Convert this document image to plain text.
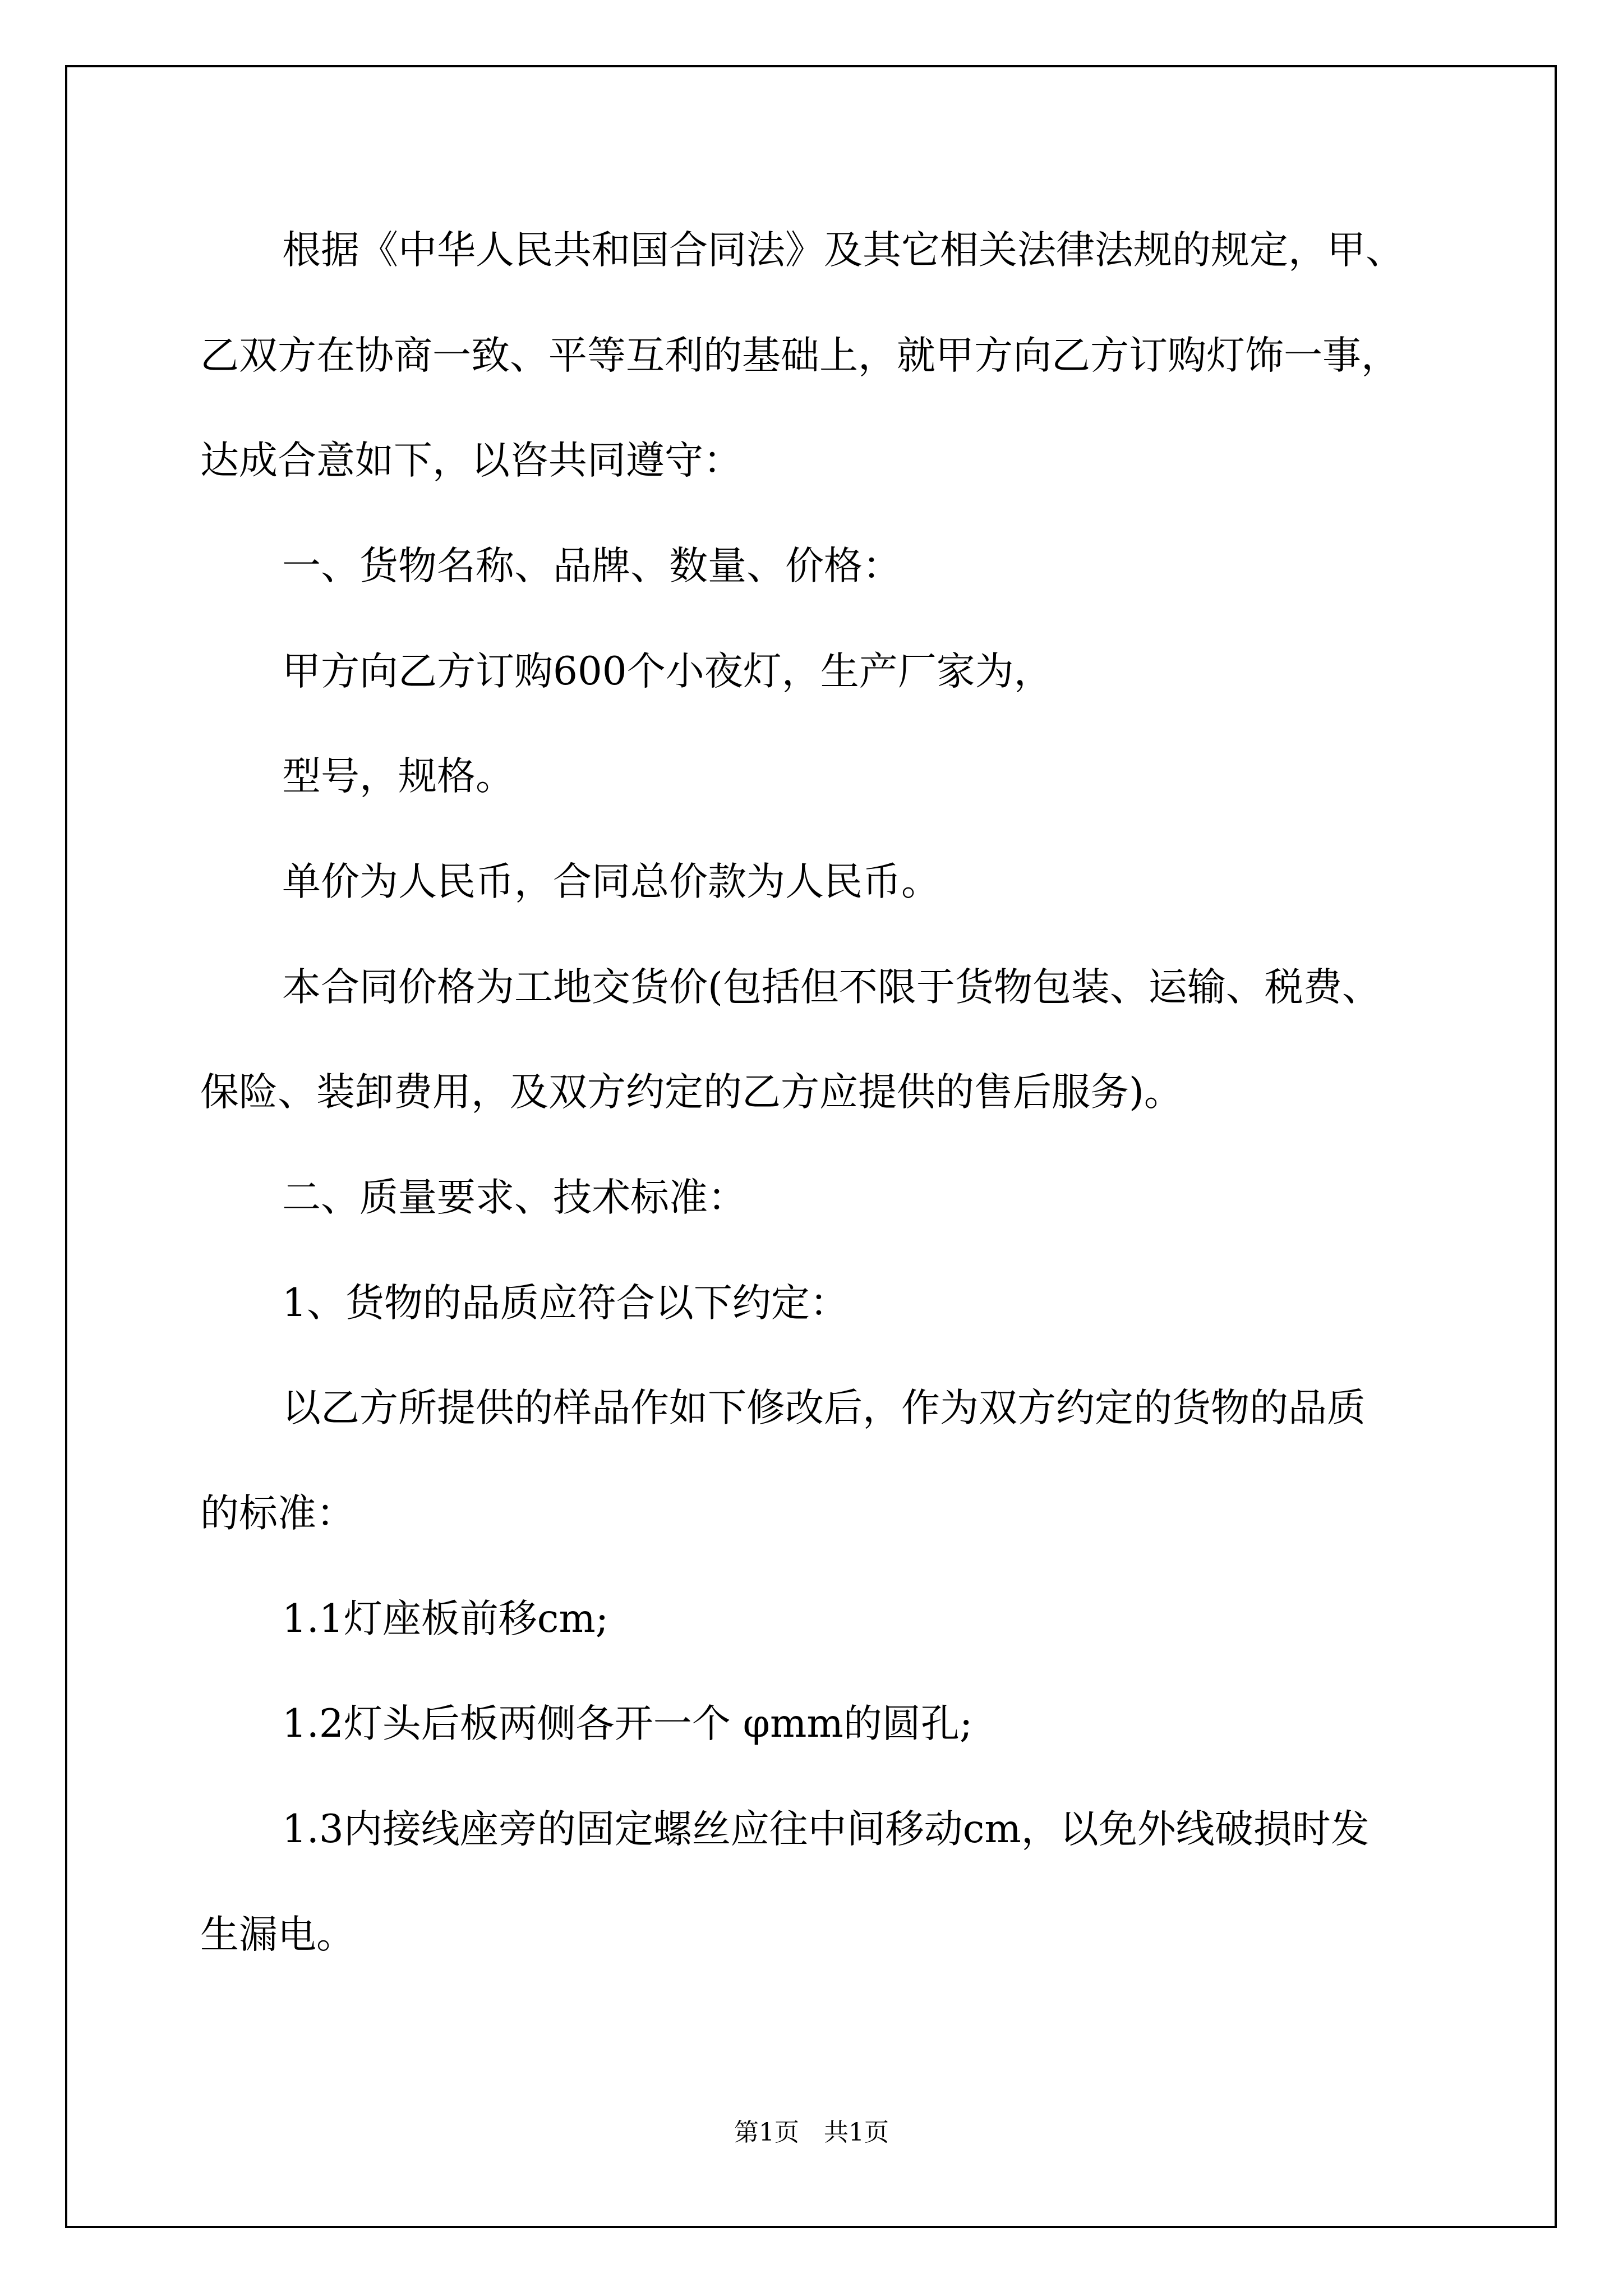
根据《中华人民共和国合同法》及其它相关法律法规的规定，甲、
乙双方在协商一致、平等互利的基础上，就甲方向乙方订购灯饰一事，
达成合意如下，以咨共同遵守：
一、货物名称、品牌、数量、价格：
甲方向乙方订购600个小夜灯，生产厂家为，
型号，规格。
单价为人民币，合同总价款为人民币。
本合同价格为工地交货价(包括但不限于货物包装、运输、税费、
保险、装卸费用，及双方约定的乙方应提供的售后服务)。
二、质量要求、技术标准：
1、货物的品质应符合以下约定：
以乙方所提供的样品作如下修改后，作为双方约定的货物的品质
的标准：
1.1灯座板前移cm;
1.2灯头后板两侧各开一个 φmm的圆孔;
1.3内接线座旁的固定螺丝应往中间移动cm，以免外线破损时发
生漏电。
第1页　共1页
